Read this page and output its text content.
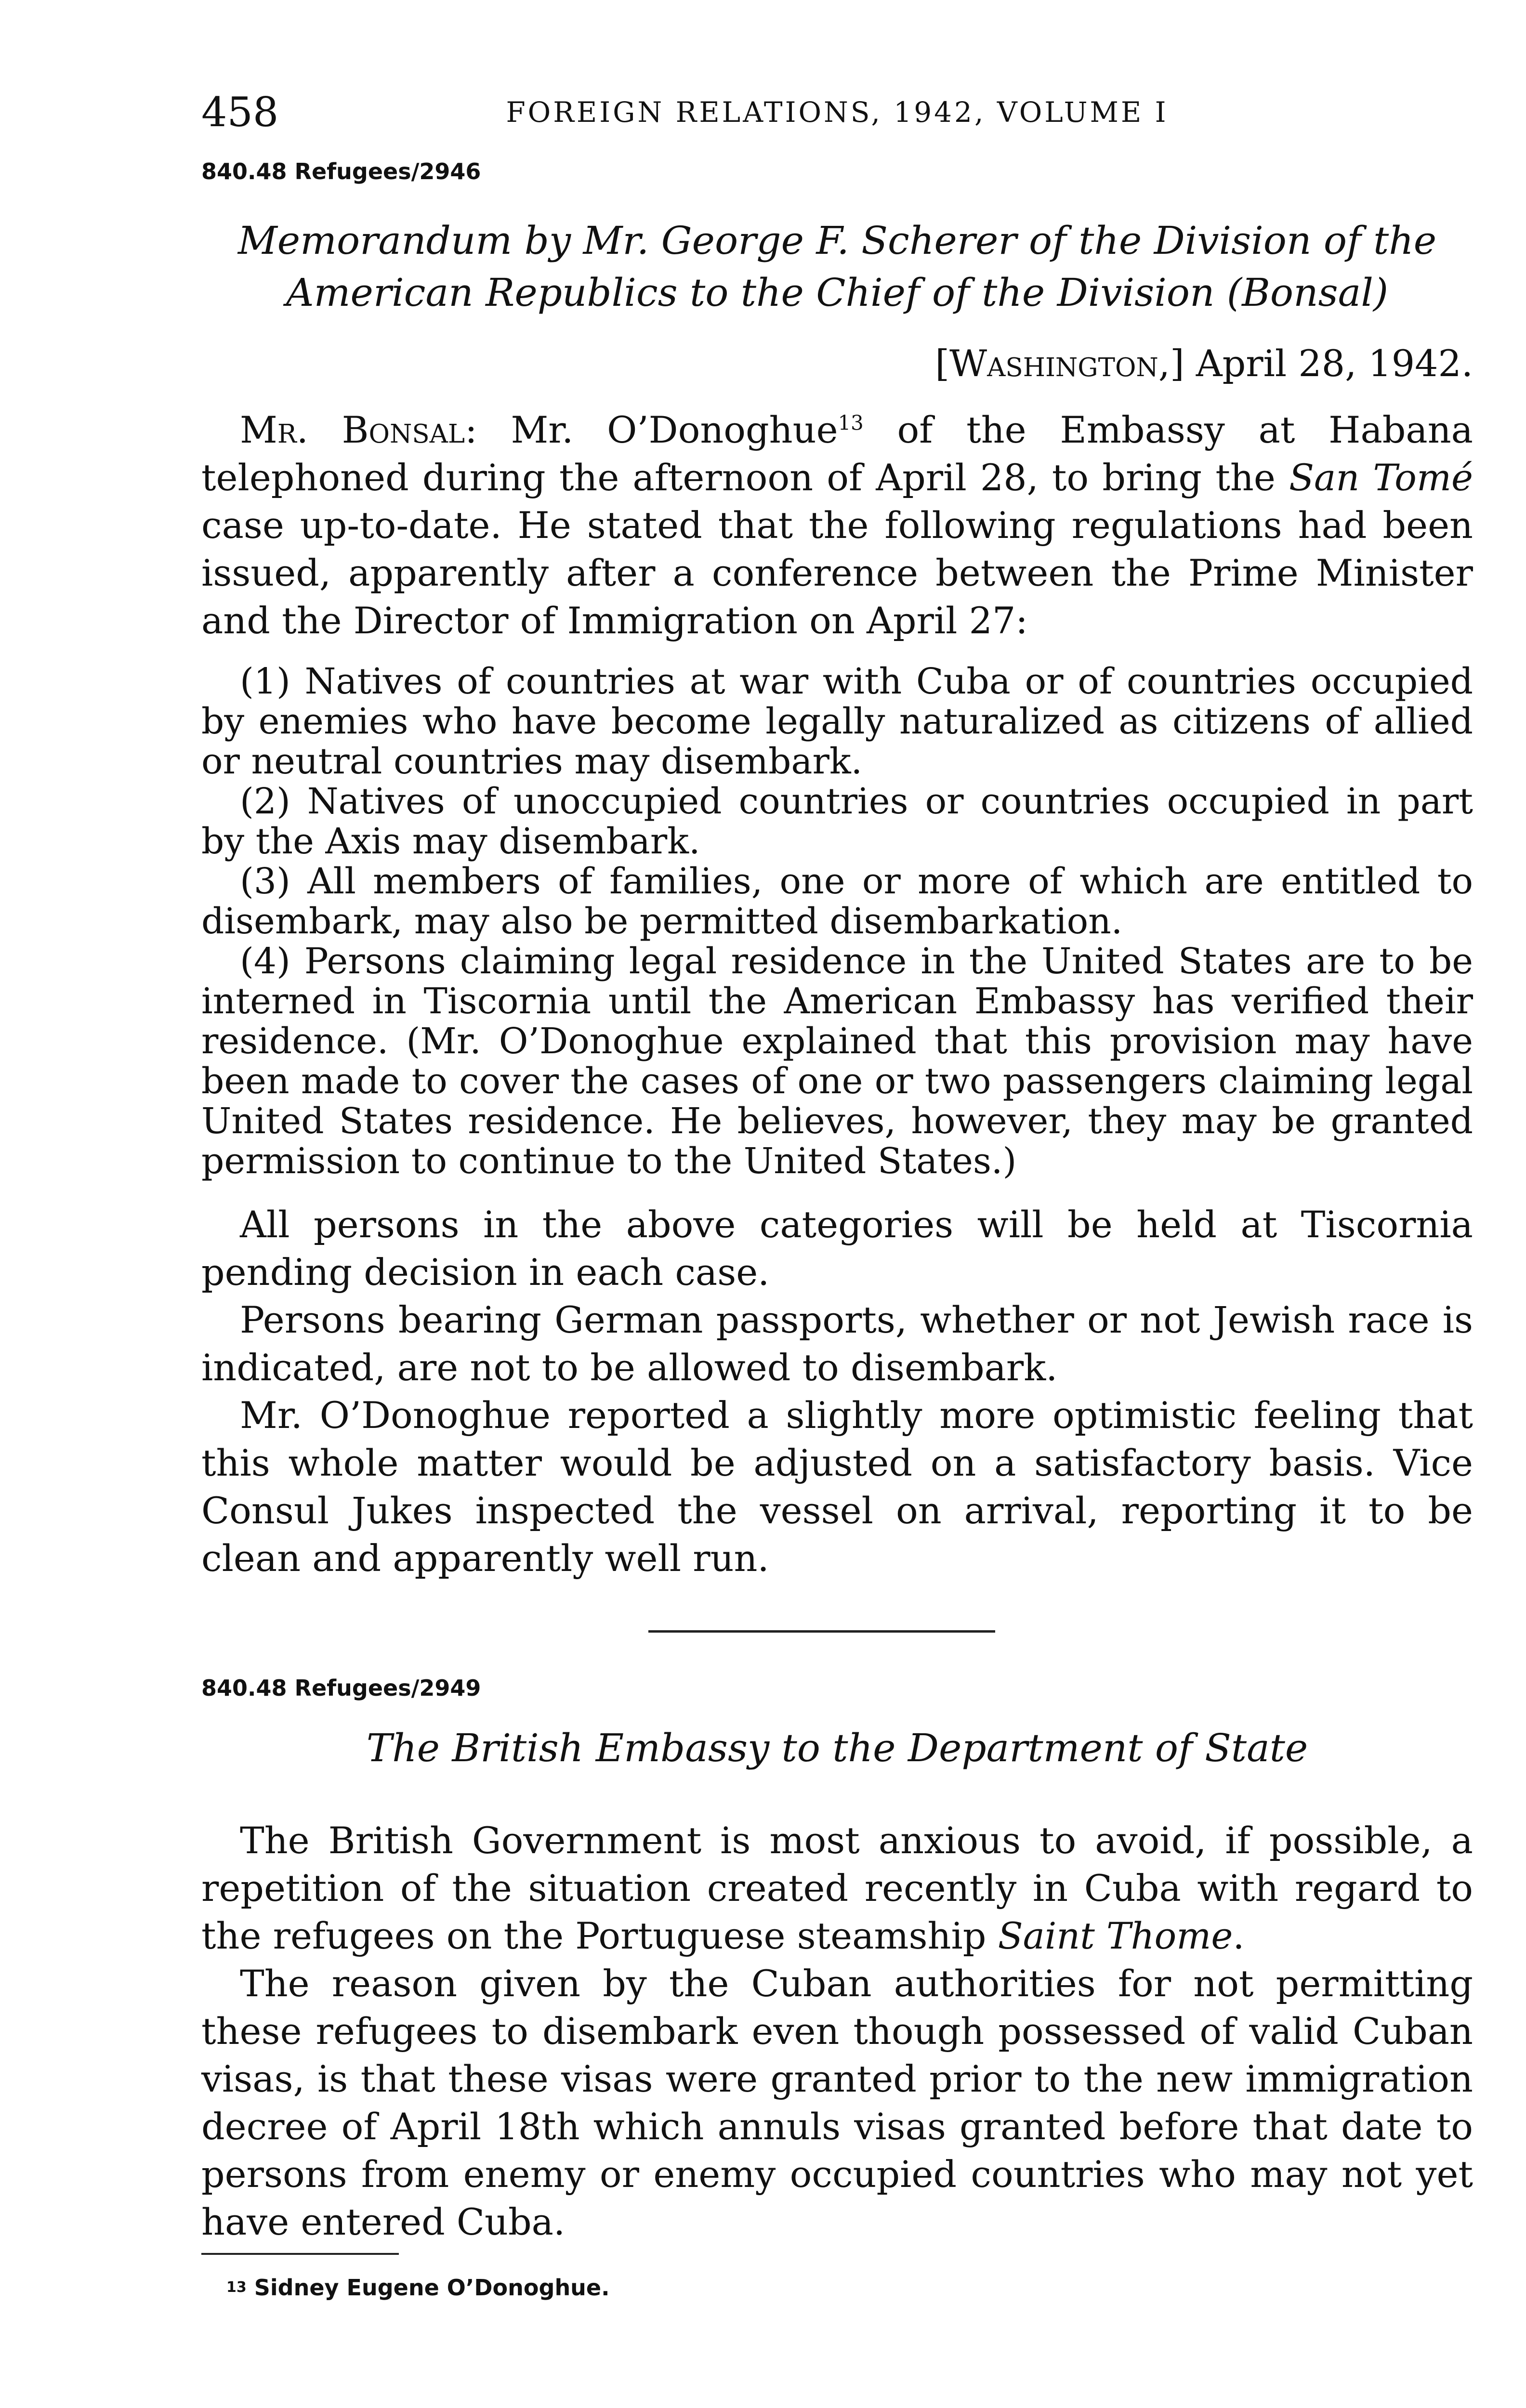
458	FOREIGN RELATIONS, 1942, VOLUME I
840.48 Refugees/2946
Memorandum by Mr. George F. Scherer of the Division of the
American Republics to the Chief of the Division (Bonsal)
[Washington,] April 28, 1942.

Mr. Bonsal: Mr. O’Donoghue$^{13}$ of the Embassy at Habana telephoned during the afternoon of April 28, to bring the San Tomé case up-to-date. He stated that the following regulations had been issued, apparently after a conference between the Prime Minister and the Director of Immigration on April 27:

(1) Natives of countries at war with Cuba or of countries occupied by enemies who have become legally naturalized as citizens of allied or neutral countries may disembark.

(2) Natives of unoccupied countries or countries occupied in part by the Axis may disembark.

(3) All members of families, one or more of which are entitled to disembark, may also be permitted disembarkation.

(4) Persons claiming legal residence in the United States are to be interned in Tiscornia until the American Embassy has verified their residence. (Mr. O’Donoghue explained that this provision may have been made to cover the cases of one or two passengers claiming legal United States residence. He believes, however, they may be granted permission to continue to the United States.)

All persons in the above categories will be held at Tiscornia pending decision in each case.

Persons bearing German passports, whether or not Jewish race is indicated, are not to be allowed to disembark.

Mr. O’Donoghue reported a slightly more optimistic feeling that this whole matter would be adjusted on a satisfactory basis. Vice Consul Jukes inspected the vessel on arrival, reporting it to be clean and apparently well run.

840.48 Refugees/2949
The British Embassy to the Department of State

The British Government is most anxious to avoid, if possible, a repetition of the situation created recently in Cuba with regard to the refugees on the Portuguese steamship Saint Thome.

The reason given by the Cuban authorities for not permitting these refugees to disembark even though possessed of valid Cuban visas, is that these visas were granted prior to the new immigration decree of April 18th which annuls visas granted before that date to persons from enemy or enemy occupied countries who may not yet have entered Cuba.

$^{13}$ Sidney Eugene O’Donoghue.
